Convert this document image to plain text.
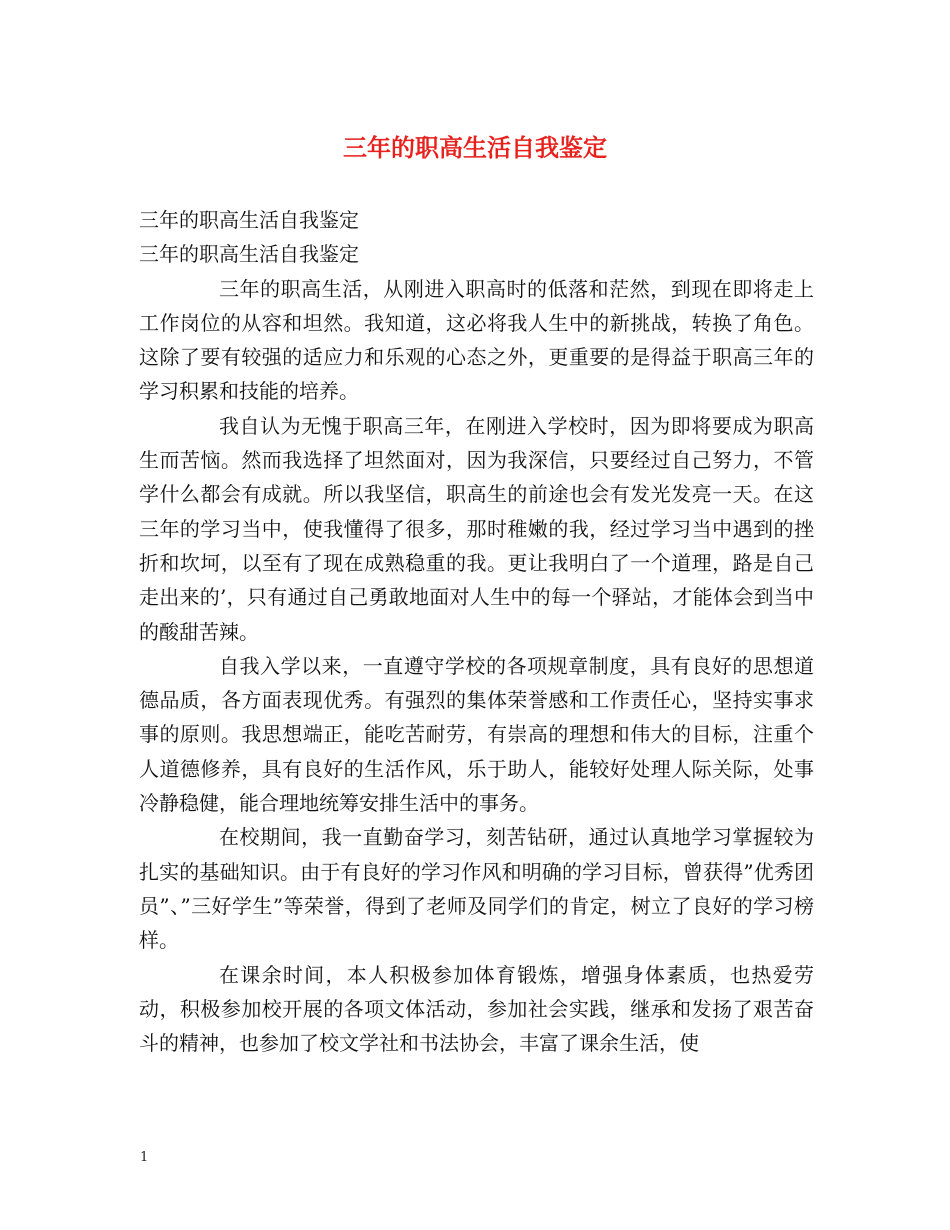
三年的职高生活自我鉴定

三年的职高生活自我鉴定

三年的职高生活自我鉴定

三年的职高生活，从刚进入职高时的低落和茫然，到现在即将走上工作岗位的从容和坦然。我知道，这必将我人生中的新挑战，转换了角色。这除了要有较强的适应力和乐观的心态之外，更重要的是得益于职高三年的学习积累和技能的培养。

我自认为无愧于职高三年，在刚进入学校时，因为即将要成为职高生而苦恼。然而我选择了坦然面对，因为我深信，只要经过自己努力，不管学什么都会有成就。所以我坚信，职高生的前途也会有发光发亮一天。在这三年的学习当中，使我懂得了很多，那时稚嫩的我，经过学习当中遇到的挫折和坎坷，以至有了现在成熟稳重的我。更让我明白了一个道理，路是自己走出来的’，只有通过自己勇敢地面对人生中的每一个驿站，才能体会到当中的酸甜苦辣。

自我入学以来，一直遵守学校的各项规章制度，具有良好的思想道德品质，各方面表现优秀。有强烈的集体荣誉感和工作责任心，坚持实事求事的原则。我思想端正，能吃苦耐劳，有崇高的理想和伟大的目标，注重个人道德修养，具有良好的生活作风，乐于助人，能较好处理人际关际，处事冷静稳健，能合理地统筹安排生活中的事务。

在校期间，我一直勤奋学习，刻苦钻研，通过认真地学习掌握较为扎实的基础知识。由于有良好的学习作风和明确的学习目标，曾获得”优秀团员”、”三好学生”等荣誉，得到了老师及同学们的肯定，树立了良好的学习榜样。

在课余时间，本人积极参加体育锻炼，增强身体素质，也热爱劳动，积极参加校开展的各项文体活动，参加社会实践，继承和发扬了艰苦奋斗的精神，也参加了校文学社和书法协会，丰富了课余生活，使

1
